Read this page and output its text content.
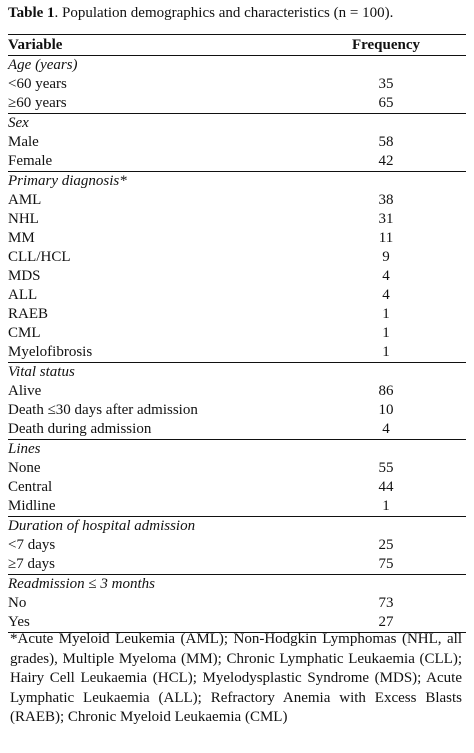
Table 1. Population demographics and characteristics (n = 100).
Variable	Frequency
Age (years)	
<60 years	35
≥60 years	65
Sex	
Male	58
Female	42
Primary diagnosis*	
AML	38
NHL	31
MM	11
CLL/HCL	9
MDS	4
ALL	4
RAEB	1
CML	1
Myelofibrosis	1
Vital status	
Alive	86
Death ≤30 days after admission	10
Death during admission	4
Lines	
None	55
Central	44
Midline	1
Duration of hospital admission	
<7 days	25
≥7 days	75
Readmission ≤ 3 months	
No	73
Yes	27
*Acute Myeloid Leukemia (AML); Non-Hodgkin Lymphomas (NHL, all grades), Multiple Myeloma (MM); Chronic Lymphatic Leukaemia (CLL); Hairy Cell Leukaemia (HCL); Myelodysplastic Syndrome (MDS); Acute Lymphatic Leukaemia (ALL); Refractory Anemia with Excess Blasts (RAEB); Chronic Myeloid Leukaemia (CML)
